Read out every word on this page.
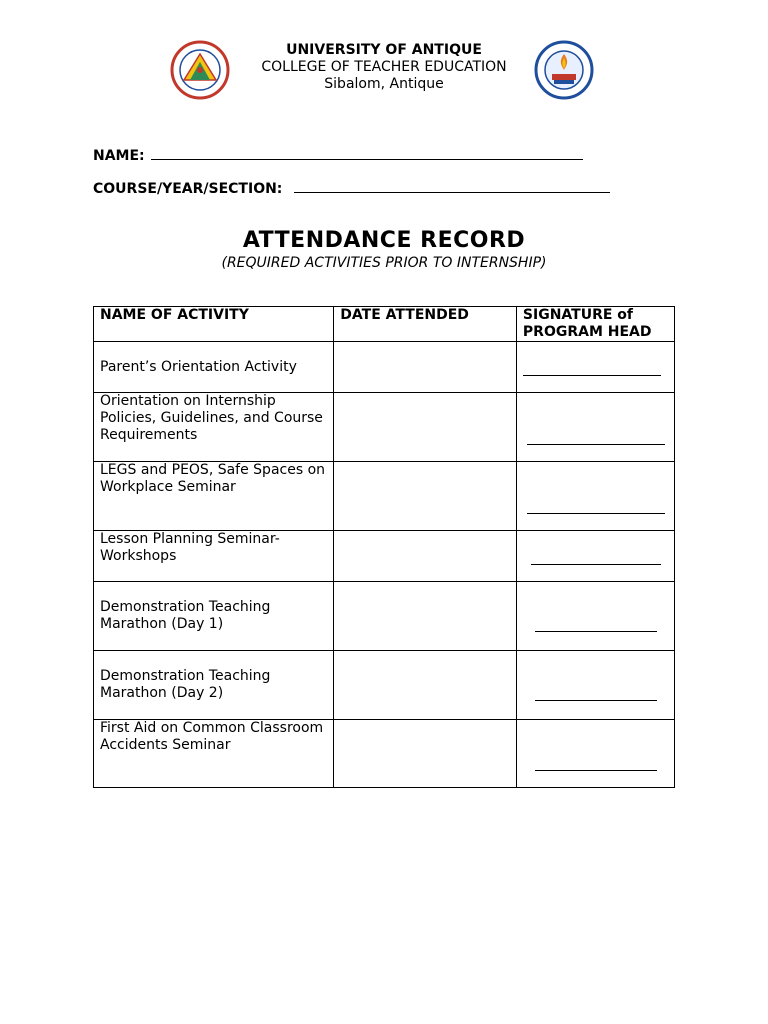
UNIVERSITY OF ANTIQUE
COLLEGE OF TEACHER EDUCATION
Sibalom, Antique
NAME:
COURSE/YEAR/SECTION:
ATTENDANCE RECORD
(REQUIRED ACTIVITIES PRIOR TO INTERNSHIP)
NAME OF ACTIVITY	DATE ATTENDED	SIGNATURE of PROGRAM HEAD
Parent’s Orientation Activity		

Orientation on Internship Policies, Guidelines, and Course Requirements		

LEGS and PEOS, Safe Spaces on Workplace Seminar		

Lesson Planning Seminar-Workshops		

Demonstration Teaching Marathon (Day 1)		

Demonstration Teaching Marathon (Day 2)		

First Aid on Common Classroom Accidents Seminar		
